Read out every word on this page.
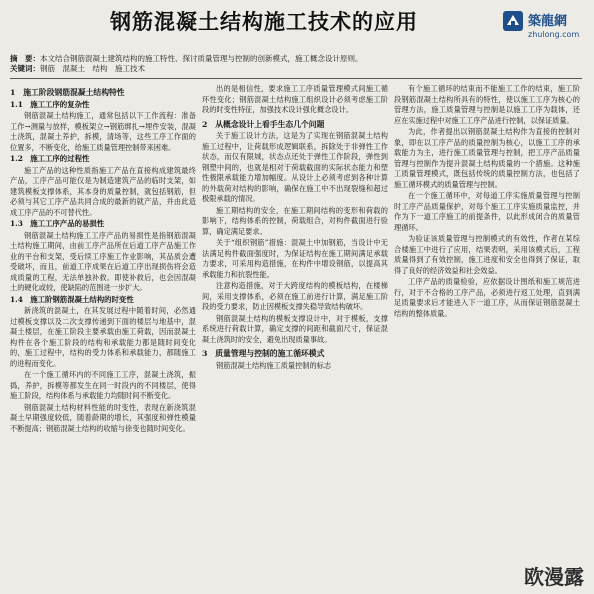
钢筋混凝土结构施工技术的应用	築龍網
zhulong.com
摘　要：本文结合钢筋混凝土建筑结构的施工特性、探讨质量管理与控制的创新模式，施工概念设计原则。
关键词：钢筋　混凝土　结构　施工技术
1　施工阶段钢筋混凝土结构特性
1.1　施工工序的复杂性
钢筋混凝土结构施工，通常包括以下工作流程：准备工作→测量与放样，模板架立→钢筋绑扎→埋件安装，混凝土浇筑，混凝土养护，拆模，清场等，这些工序工作面的位置多，不断变化，给施工质量管理控制带来困难。
1.2　施工工序的过程性
施工产品的这种性质指施工产品在直接构成建筑最终产品，工序产品可能仅是为制造建筑产品的临时支架，如建筑模板支撑体系，其本身的质量控制，就包括钢筋，但必须与其它工序产品共同合成的最新的就产品，并由此造成工序产品的不可替代性。
1.3　施工工序产品的易损性
钢筋混凝土结构施工工序产品的易损性是指钢筋混凝土结构施工期间，由前工序产品所在后道工序产品施工作业的平台和支架，受后续工序施工作业影响，其品质会遭受破坏，而且，前道工序成果在后道工序出现损伤将会造成质量的工程，无法单独补救。即使补救后，也会因混凝土的硬化或较，使缺陷的范围进一步扩大。
1.4　施工阶钢筋混凝土结构的时变性
新浇筑的混凝土，在其发展过程中随着时间，必然通过模板支撑以及二次支撑传递到下面的楼层与地基中，混凝土楼层，在施工阶段主要承载由施工荷载，因而混凝土构件在各个施工阶段的结构和承载能力都是随时间变化的，施工过程中，结构的受力体系和承载能力，都随施工的进程而变化。
在一个施工循环内的不同施工工序，混凝土浇筑，振捣，养护，拆模等都发生在同一时段内的不同楼层，使得施工阶段，结构体系与承载能力均随时间不断变化。
钢筋混凝土结构材料性能的时变性，表现在新浇筑混凝土早期强度较低，随着龄期的增长，其强度和弹性模量不断提高；钢筋混凝土结构的收缩与徐变也随时间变化。
出的是相信性，要求施工工序质量管理模式间施工循环性变化；钢筋混凝土结构施工组织设计必须考虑施工阶段的时变性特征，加强技术设计强化概念设计。
2　从概念设计上看手生态几个问题
关于施工设计方法，这是为了实现在钢筋混凝土结构施工过程中，让荷载形成逻辑联系，拆除处于非弹性工作状态，而仅有限城，状态点还处于弹性工作阶段，弹性到钢塑中间的，也就是相对于荷载截面的实际状态能力和塑性极限承载能力增加幅度。从设计上必须考虑到各种计算的外载荷对结构的影响，确保在施工中不出现裂缝和超过极限承载的情况。
施工期结构的安全，在施工期间结构的变形和荷载的影响下，结构体系的控制，荷载组合，对构件截面进行验算，确定满足要求。
关于“组织钢筋”措施：混凝土中加钢筋，当设计中无法满足构件截面强度时，为保证结构在施工期间满足承载力要求，可采用构造措施，在构件中增设钢筋，以提高其承载能力和抗裂性能。
注意构造措施，对于大跨度结构的模板结构，在楼梯间，采用支撑体系，必须在施工前进行计算，满足施工阶段的受力要求，防止因模板支撑失稳导致结构破坏。
钢筋混凝土结构的模板支撑设计中，对于模板，支撑系统进行荷载计算，确定支撑的间距和截面尺寸，保证混凝土浇筑时的安全，避免出现质量事故。
3　质量管理与控制的施工循环模式
钢筋混凝土结构施工质量控制的标志
有个施工循环的结束而不能施工工作的结束，施工阶段钢筋混凝土结构所具有的特性，使以施工工序为核心的管理方法，施工质量管理与控制是以施工工序为载体，还应在实施过程中对施工工序产品进行控制，以保证质量。
为此，作者提出以钢筋混凝土结构作为直接的控制对象，即在以工序产品的质量控制为核心，以施工工序的承载能力为主，进行施工质量管理与控制，把工序产品质量管理与控制作为提升混凝土结构质量的一个措施。这种施工质量管理模式，既包括传统的质量控制方法，也包括了施工循环模式的质量管理与控制。
在一个施工循环中，对每道工序实施质量管理与控制时工序产品质量保护，对每个施工工序实施质量监控，并作为下一道工序施工的前提条件，以此形成闭合的质量管理循环。
为验证该质量管理与控制模式的有效性，作者在某综合楼施工中进行了应用，结果表明，采用该模式后，工程质量得到了有效控制，施工进度和安全也得到了保证，取得了良好的经济效益和社会效益。
工序产品的质量检验，应依据设计图纸和施工规范进行，对于不合格的工序产品，必须进行返工处理，直到满足质量要求后才能进入下一道工序，从而保证钢筋混凝土结构的整体质量。
欧漫露
